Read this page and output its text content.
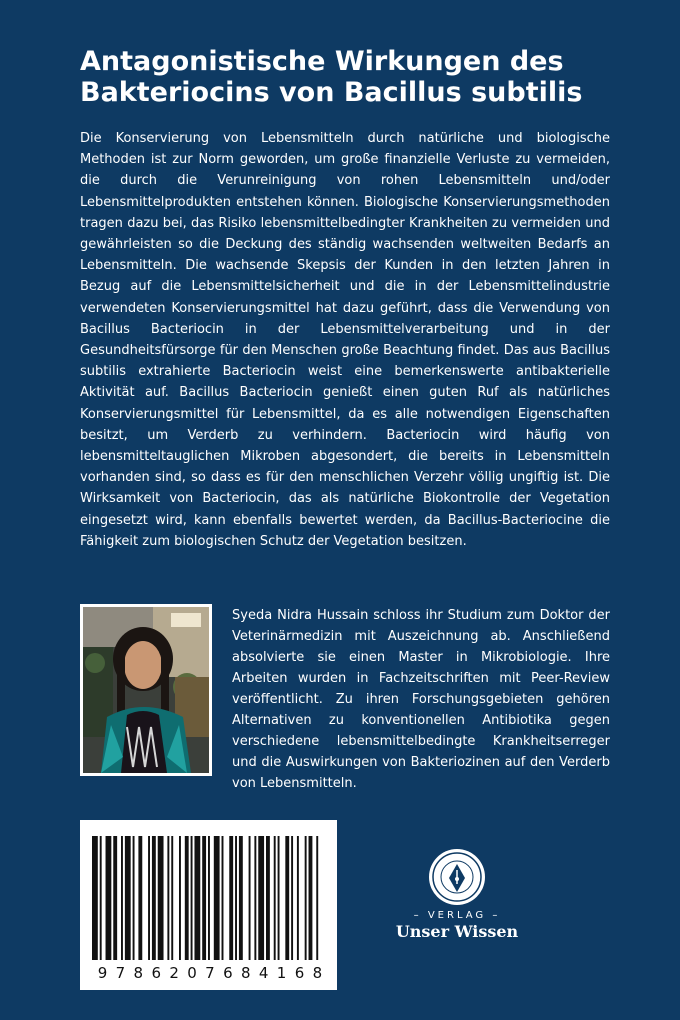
Antagonistische Wirkungen des Bakteriocins von Bacillus subtilis

Die Konservierung von Lebensmitteln durch natürliche und biologische Methoden ist zur Norm geworden, um große finanzielle Verluste zu vermeiden, die durch die Verunreinigung von rohen Lebensmitteln und/oder Lebensmittelprodukten entstehen können. Biologische Konservierungsmethoden tragen dazu bei, das Risiko lebensmittelbedingter Krankheiten zu vermeiden und gewährleisten so die Deckung des ständig wachsenden weltweiten Bedarfs an Lebensmitteln. Die wachsende Skepsis der Kunden in den letzten Jahren in Bezug auf die Lebensmittelsicherheit und die in der Lebensmittelindustrie verwendeten Konservierungsmittel hat dazu geführt, dass die Verwendung von Bacillus Bacteriocin in der Lebensmittelverarbeitung und in der Gesundheitsfürsorge für den Menschen große Beachtung findet. Das aus Bacillus subtilis extrahierte Bacteriocin weist eine bemerkenswerte antibakterielle Aktivität auf. Bacillus Bacteriocin genießt einen guten Ruf als natürliches Konservierungsmittel für Lebensmittel, da es alle notwendigen Eigenschaften besitzt, um Verderb zu verhindern. Bacteriocin wird häufig von lebensmitteltauglichen Mikroben abgesondert, die bereits in Lebensmitteln vorhanden sind, so dass es für den menschlichen Verzehr völlig ungiftig ist. Die Wirksamkeit von Bacteriocin, das als natürliche Biokontrolle der Vegetation eingesetzt wird, kann ebenfalls bewertet werden, da Bacillus-Bacteriocine die Fähigkeit zum biologischen Schutz der Vegetation besitzen.

Syeda Nidra Hussain schloss ihr Studium zum Doktor der Veterinärmedizin mit Auszeichnung ab. Anschließend absolvierte sie einen Master in Mikrobiologie. Ihre Arbeiten wurden in Fachzeitschriften mit Peer-Review veröffentlicht. Zu ihren Forschungsgebieten gehören Alternativen zu konventionellen Antibiotika gegen verschiedene lebensmittelbedingte Krankheitserreger und die Auswirkungen von Bakteriozinen auf den Verderb von Lebensmitteln.

9 7 8 6 2 0 7 6 8 4 1 6 8
– VERLAG –
Unser Wissen
